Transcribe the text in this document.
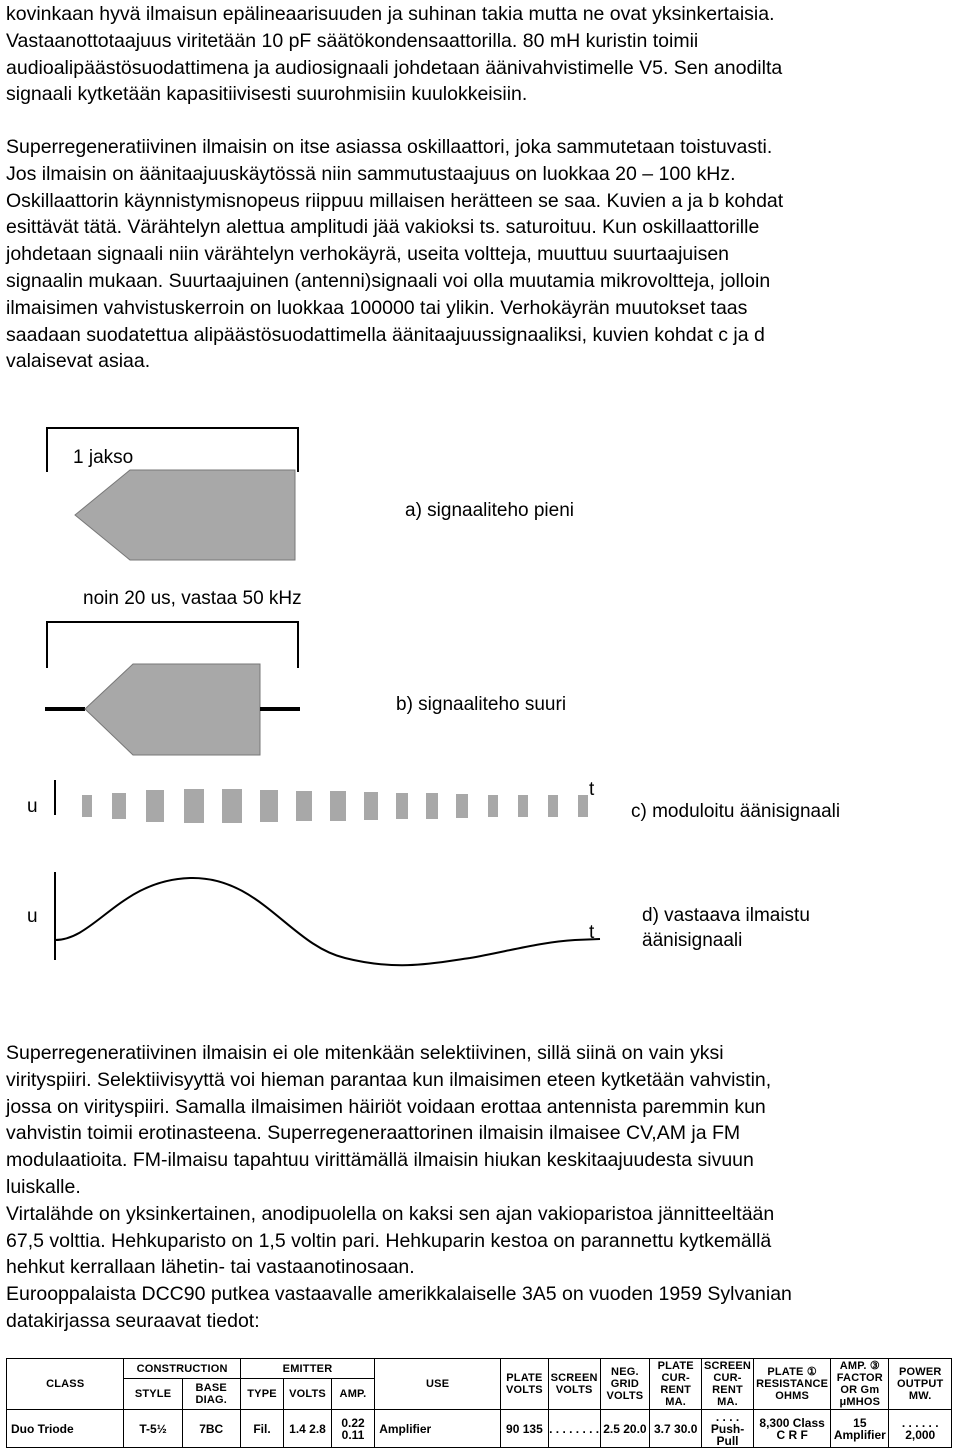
kovinkaan hyvä ilmaisun epälineaarisuuden ja suhinan takia mutta ne ovat yksinkertaisia.
Vastaanottotaajuus viritetään 10 pF säätökondensaattorilla. 80 mH kuristin toimii
audioalipäästösuodattimena ja audiosignaali johdetaan äänivahvistimelle V5. Sen anodilta
signaali kytketään kapasitiivisesti suurohmisiin kuulokkeisiin.
Superregeneratiivinen ilmaisin on itse asiassa oskillaattori, joka sammutetaan toistuvasti.
Jos ilmaisin on äänitaajuuskäytössä niin sammutustaajuus on luokkaa 20 – 100 kHz.
Oskillaattorin käynnistymisnopeus riippuu millaisen herätteen se saa. Kuvien a ja b kohdat
esittävät tätä. Värähtelyn alettua amplitudi jää vakioksi ts. saturoituu. Kun oskillaattorille
johdetaan signaali niin värähtelyn verhokäyrä, useita voltteja, muuttuu suurtaajuisen
signaalin mukaan. Suurtaajuinen (antenni)signaali voi olla muutamia mikrovoltteja, jolloin
ilmaisimen vahvistuskerroin on luokkaa 100000 tai ylikin. Verhokäyrän muutokset taas
saadaan suodatettua alipäästösuodattimella äänitaajuussignaaliksi, kuvien kohdat c ja d
valaisevat asiaa.
1 jakso
a) signaaliteho pieni
noin 20 us, vastaa 50 kHz
b) signaaliteho suuri
u
t
c) moduloitu äänisignaali
u
t
d) vastaava ilmaistu
äänisignaali
Superregeneratiivinen ilmaisin ei ole mitenkään selektiivinen, sillä siinä on vain yksi
virityspiiri. Selektiivisyyttä voi hieman parantaa kun ilmaisimen eteen kytketään vahvistin,
jossa on virityspiiri. Samalla ilmaisimen häiriöt voidaan erottaa antennista paremmin kun
vahvistin toimii erotinasteena. Superregeneraattorinen ilmaisin ilmaisee CV,AM ja FM
modulaatioita. FM-ilmaisu tapahtuu virittämällä ilmaisin hiukan keskitaajuudesta sivuun
luiskalle.
Virtalähde on yksinkertainen, anodipuolella on kaksi sen ajan vakioparistoa jännitteeltään
67,5 volttia. Hehkuparisto on 1,5 voltin pari. Hehkuparin kestoa on parannettu kytkemällä
hehkut kerrallaan lähetin- tai vastaanotinosaan.
Eurooppalaista DCC90 putkea vastaavalle amerikkalaiselle 3A5 on vuoden 1959 Sylvanian
datakirjassa seuraavat tiedot:
CLASS	CONSTRUCTION		EMITTER			USE	PLATE VOLTS	SCREEN VOLTS	NEG. GRID VOLTS	PLATE CUR- RENT MA.	SCREEN CUR- RENT MA.	PLATE ① RESISTANCE OHMS	AMP. ③ FACTOR OR Gm μMHOS	POWER OUTPUT MW.
	STYLE	BASE DIAG.	TYPE	VOLTS	AMP.									
Duo Triode	T-5½	7BC	Fil.	1.4 2.8	0.22 0.11	Amplifier	90 135	. . . . . . . .	2.5 20.0	3.7 30.0	. . . . Push-Pull	8,300 Class C R F	15 Amplifier	. . . . . . 2,000
